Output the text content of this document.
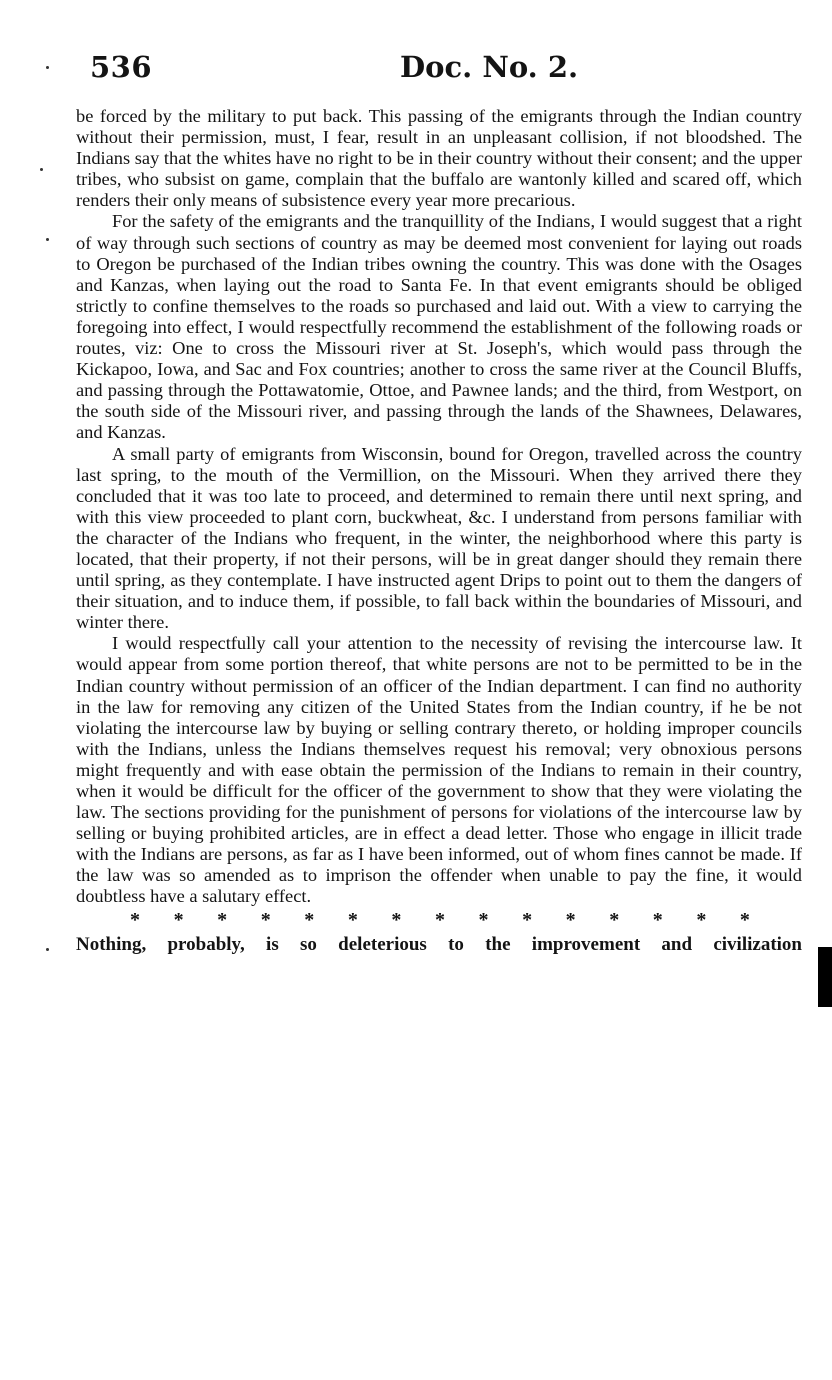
536	Doc. No. 2.

be forced by the military to put back. This passing of the emigrants through the Indian country without their permission, must, I fear, result in an unpleasant collision, if not bloodshed. The Indians say that the whites have no right to be in their country without their consent; and the upper tribes, who subsist on game, complain that the buffalo are wantonly killed and scared off, which renders their only means of subsistence every year more precarious.

For the safety of the emigrants and the tranquillity of the Indians, I would suggest that a right of way through such sections of country as may be deemed most convenient for laying out roads to Oregon be purchased of the Indian tribes owning the country. This was done with the Osages and Kanzas, when laying out the road to Santa Fe. In that event emigrants should be obliged strictly to confine themselves to the roads so purchased and laid out. With a view to carrying the foregoing into effect, I would respectfully recommend the establishment of the following roads or routes, viz: One to cross the Missouri river at St. Joseph's, which would pass through the Kickapoo, Iowa, and Sac and Fox countries; another to cross the same river at the Council Bluffs, and passing through the Pottawatomie, Ottoe, and Pawnee lands; and the third, from Westport, on the south side of the Missouri river, and passing through the lands of the Shawnees, Delawares, and Kanzas.

A small party of emigrants from Wisconsin, bound for Oregon, travelled across the country last spring, to the mouth of the Vermillion, on the Missouri. When they arrived there they concluded that it was too late to proceed, and determined to remain there until next spring, and with this view proceeded to plant corn, buckwheat, &c. I understand from persons familiar with the character of the Indians who frequent, in the winter, the neighborhood where this party is located, that their property, if not their persons, will be in great danger should they remain there until spring, as they contemplate. I have instructed agent Drips to point out to them the dangers of their situation, and to induce them, if possible, to fall back within the boundaries of Missouri, and winter there.

I would respectfully call your attention to the necessity of revising the intercourse law. It would appear from some portion thereof, that white persons are not to be permitted to be in the Indian country without permission of an officer of the Indian department. I can find no authority in the law for removing any citizen of the United States from the Indian country, if he be not violating the intercourse law by buying or selling contrary thereto, or holding improper councils with the Indians, unless the Indians themselves request his removal; very obnoxious persons might frequently and with ease obtain the permission of the Indians to remain in their country, when it would be difficult for the officer of the government to show that they were violating the law. The sections providing for the punishment of persons for violations of the intercourse law by selling or buying prohibited articles, are in effect a dead letter. Those who engage in illicit trade with the Indians are persons, as far as I have been informed, out of whom fines cannot be made. If the law was so amended as to imprison the offender when unable to pay the fine, it would doubtless have a salutary effect.

* * * * * * * * * * * * * * *
Nothing, probably, is so deleterious to the improvement and civilization
